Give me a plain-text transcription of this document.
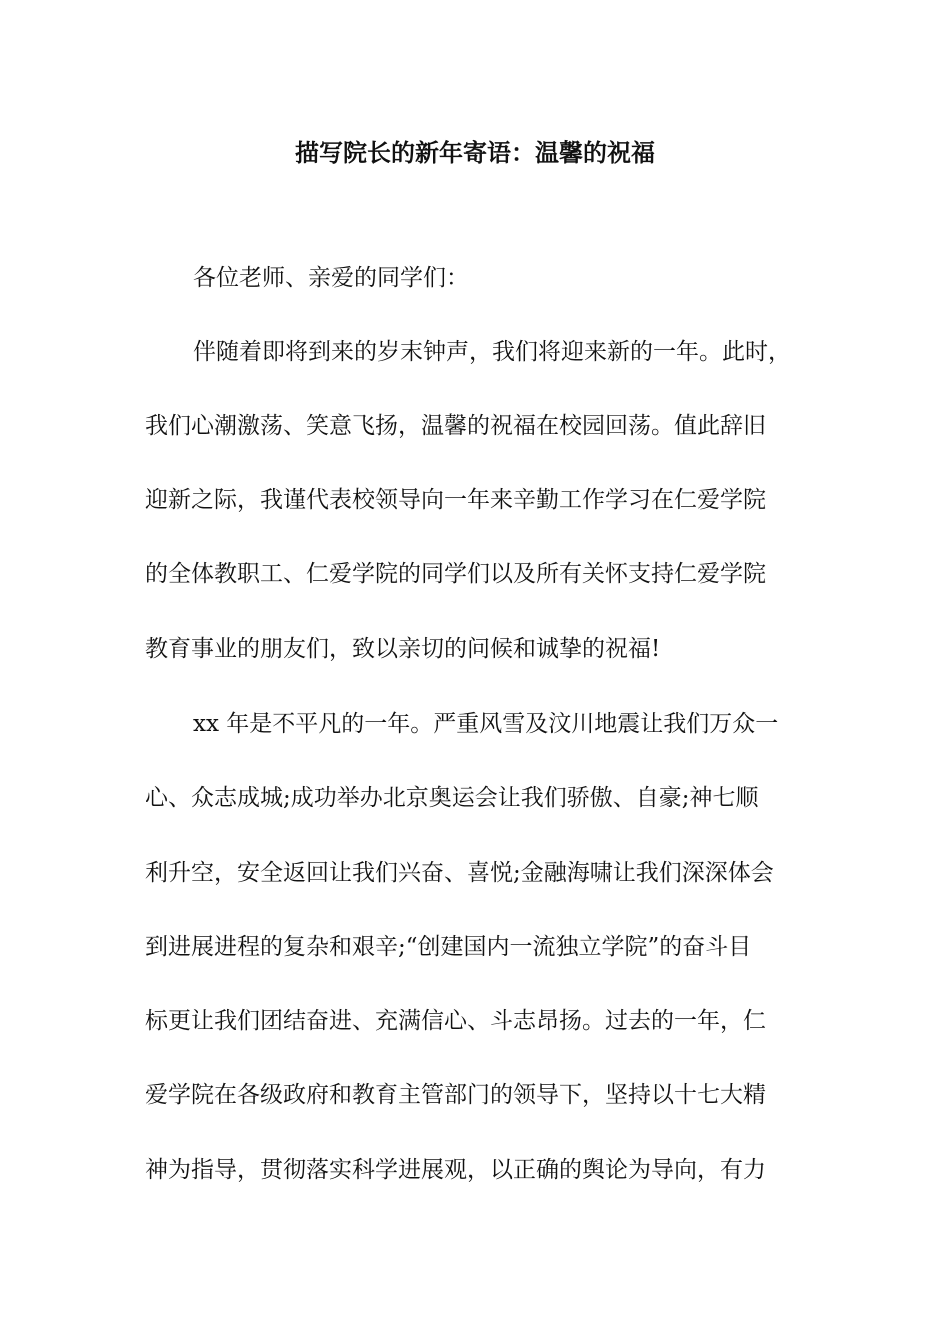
描写院长的新年寄语：温馨的祝福
各位老师、亲爱的同学们：
伴随着即将到来的岁末钟声，我们将迎来新的一年。此时，
我们心潮激荡、笑意飞扬，温馨的祝福在校园回荡。值此辞旧
迎新之际，我谨代表校领导向一年来辛勤工作学习在仁爱学院
的全体教职工、仁爱学院的同学们以及所有关怀支持仁爱学院
教育事业的朋友们，致以亲切的问候和诚挚的祝福!
xx 年是不平凡的一年。严重风雪及汶川地震让我们万众一
心、众志成城;成功举办北京奥运会让我们骄傲、自豪;神七顺
利升空，安全返回让我们兴奋、喜悦;金融海啸让我们深深体会
到进展进程的复杂和艰辛;“创建国内一流独立学院”的奋斗目
标更让我们团结奋进、充满信心、斗志昂扬。过去的一年，仁
爱学院在各级政府和教育主管部门的领导下，坚持以十七大精
神为指导，贯彻落实科学进展观，以正确的舆论为导向，有力
